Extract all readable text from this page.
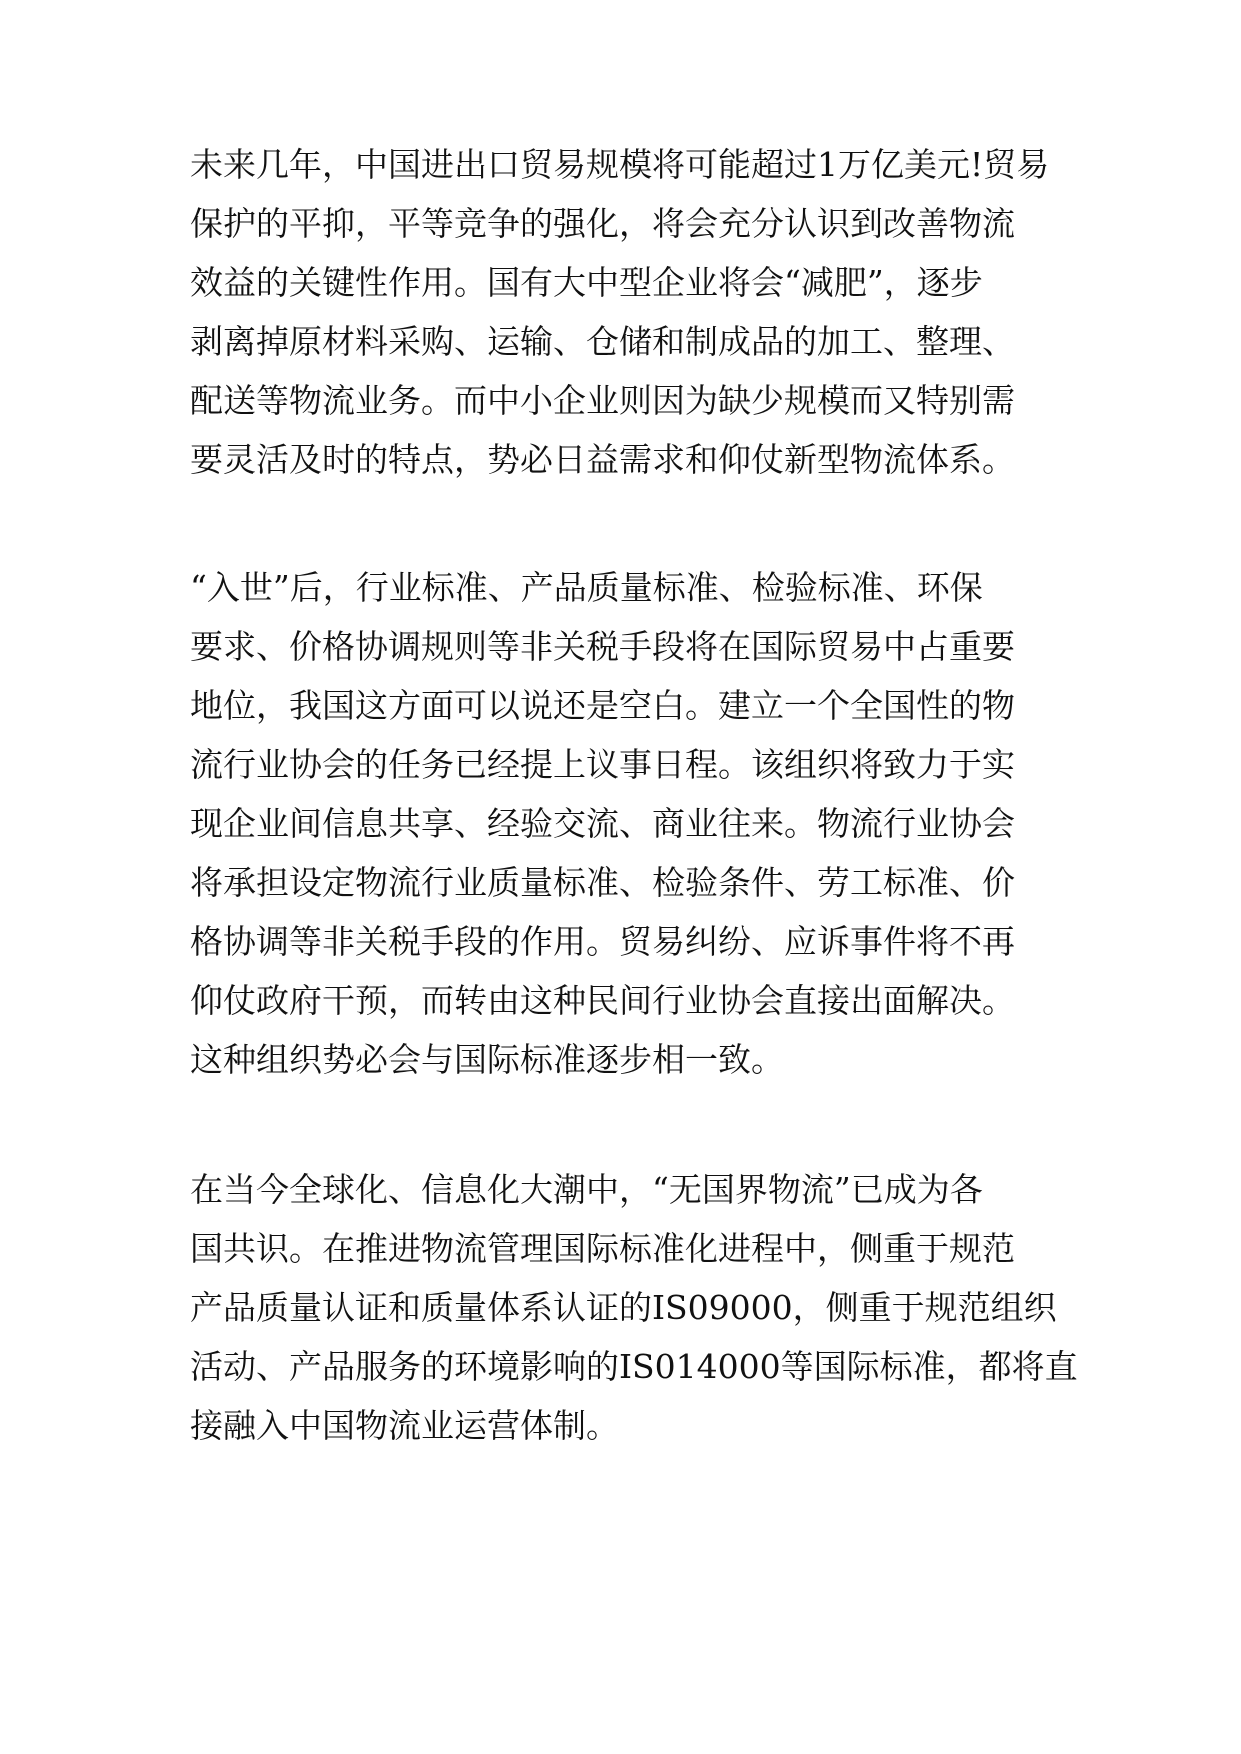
未来几年，中国进出口贸易规模将可能超过1万亿美元!贸易
保护的平抑，平等竞争的强化，将会充分认识到改善物流
效益的关键性作用。国有大中型企业将会“减肥”，逐步
剥离掉原材料采购、运输、仓储和制成品的加工、整理、
配送等物流业务。而中小企业则因为缺少规模而又特别需
要灵活及时的特点，势必日益需求和仰仗新型物流体系。
“入世”后，行业标准、产品质量标准、检验标准、环保
要求、价格协调规则等非关税手段将在国际贸易中占重要
地位，我国这方面可以说还是空白。建立一个全国性的物
流行业协会的任务已经提上议事日程。该组织将致力于实
现企业间信息共享、经验交流、商业往来。物流行业协会
将承担设定物流行业质量标准、检验条件、劳工标准、价
格协调等非关税手段的作用。贸易纠纷、应诉事件将不再
仰仗政府干预，而转由这种民间行业协会直接出面解决。
这种组织势必会与国际标准逐步相一致。
在当今全球化、信息化大潮中，“无国界物流”已成为各
国共识。在推进物流管理国际标准化进程中，侧重于规范
产品质量认证和质量体系认证的IS09000，侧重于规范组织
活动、产品服务的环境影响的IS014000等国际标准，都将直
接融入中国物流业运营体制。
